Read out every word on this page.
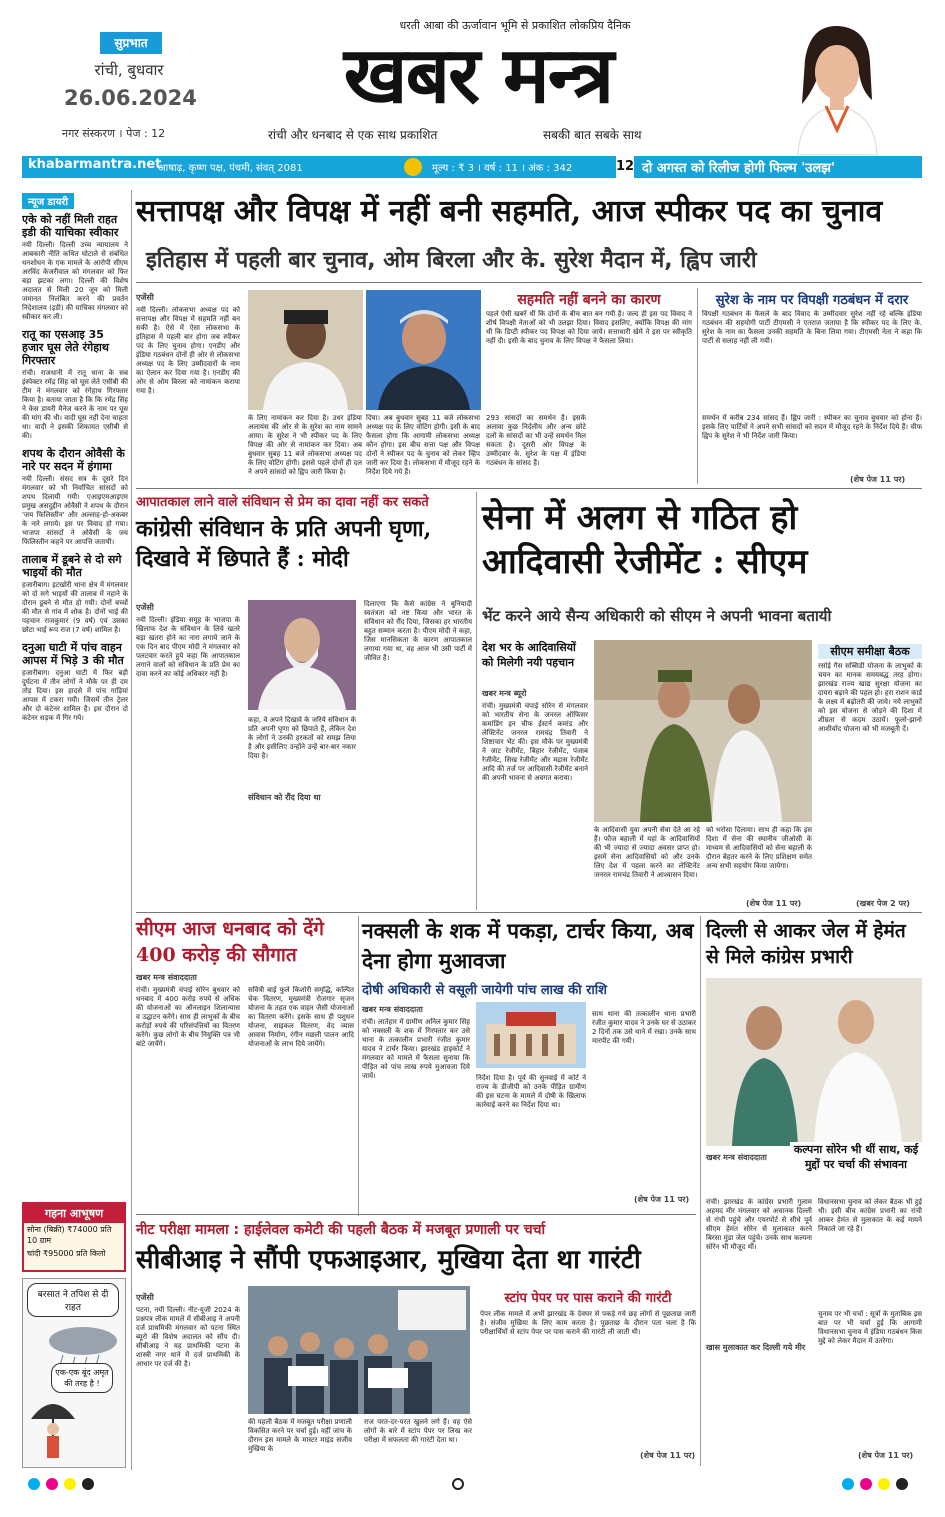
सुप्रभात
रांची, बुधवार
26.06.2024
नगर संस्करण । पेज : 12
धरती आबा की ऊर्जावान भूमि से प्रकाशित लोकप्रिय दैनिक
खबर मन्त्र
रांची और धनबाद से एक साथ प्रकाशित	सबकी बात सबके साथ
khabarmantra.net
आषाढ़, कृष्ण पक्ष, पंचमी, संवत् 2081	मूल्य : ₹ 3 । वर्ष : 11 । अंक : 342	12 दो अगस्त को रिलीज होगी फिल्म 'उलझ'
न्यूज डायरी
एके को नहीं मिली राहत इडी की याचिका स्वीकार

नयी दिल्ली। दिल्ली उच्च न्यायालय ने आबकारी नीति कथित घोटाले से संबंधित धनशोधन के एक मामले के आरोपी सीएम अरविंद केजरीवाल को मंगलवार को फिर बड़ा झटका लगा। दिल्ली की विशेष अदालत से मिली 20 जून को मिली जमानत निलंबित करने की प्रवर्तन निदेशालय (इडी) की याचिका मंगलवार को स्वीकार कर ली।

रातू का एसआइ 35 हजार घूस लेते रंगेहाथ गिरफ्तार

रांची। राजधानी में रातू थाना के सब इंस्पेक्टर रमेंद्र सिंह को घूस लेते एसीबी की टीम ने मंगलवार को रंगेहाथ गिरफ्तार किया है। बताया जाता है कि कि रमेंद्र सिंह ने केस डायरी मैनेज करने के नाम पर घूस की मांग की थी। वादी घूस नहीं देना चाहता था। वादी ने इसकी शिकायत एसीबी से की।

शपथ के दौरान ओवैसी के नारे पर सदन में हंगामा

नयी दिल्ली। संसद सत्र के दूसरे दिन मंगलवार को भी निर्वाचित सांसदों को शपथ दिलायी गयी। एआइएमआइएम प्रमुख असदुद्दीन ओवैसी ने शपथ के दौरान 'जय फिलिस्तीन' और अल्लाह-हो-अकबर के नारे लगाये। इस पर विवाद हो गया। भाजपा सांसदों ने ओवैसी के जय फिलिस्तीन कहने पर आपत्ति जतायी।

तालाब में डूबने से दो सगे भाइयों की मौत

हजारीबाग। इटखोरी थाना क्षेत्र में मंगलवार को दो सगे भाइयों की तालाब में नहाने के दौरान डूबने से मौत हो गयी। दोनों बच्चों की मौत से गांव में शोक है। दोनों भाई की पहचान राजकुमार (9 वर्ष) एवं उसका छोटा भाई रूप राज (7 वर्ष) शामिल है।

दनुआ घाटी में पांच वाहन आपस में भिड़े 3 की मौत

हजारीबाग। दनुआ घाटी में फिर बड़ी दुर्घटना में तीन लोगों ने मौके पर ही दम तोड़ दिया। इस हादसे में पांच गाड़ियां आपस में टकरा गयी। जिसमें तीन ट्रेलर और दो कंटेनर शामिल है। इस दौरान दो कंटेनर सड़क में गिर गये।

गहना आभूषण
सोना (बिक्री) ₹74000 प्रति 10 ग्राम
चांदी ₹95000 प्रति किलो
बरसात ने तपिश से दी राहत
एक-एक बूंद अमृत की तरह है !
सत्तापक्ष और विपक्ष में नहीं बनी सहमति, आज स्पीकर पद का चुनाव
इतिहास में पहली बार चुनाव, ओम बिरला और के. सुरेश मैदान में, ह्विप जारी
एजेंसी
नयी दिल्ली। लोकसभा अध्यक्ष पद को सत्तापक्ष और विपक्ष में सहमति नहीं बन सकी है। ऐसे में ऐसा लोकसभा के इतिहास में पहली बार होगा जब स्पीकर पद के लिए चुनाव होगा। एनडीए और इंडिया गठबंधन दोनों ही ओर से लोकसभा अध्यक्ष पद के लिए उम्मीदवारों के नाम का ऐलान कर दिया गया है। एनडीए की ओर से ओम बिरला को नामांकन कराया गया है।
के लिए नामांकन कर दिया है। उधर इंडिया अलायंस की ओर से के सुरेश का नाम सामने आया। के सुरेश ने भी स्पीकर पद के लिए विपक्ष की ओर से नामांकन कर दिया। अब बुधवार सुबह 11 बजे लोकसभा अध्यक्ष पद के लिए वोटिंग होगी। इससे पहले दोनों ही दल ने अपने सांसदों को ह्विप जारी किया है।
दिया। अब बुधवार सुबह 11 बजे लोकसभा अध्यक्ष पद के लिए वोटिंग होगी। इसी के बाद फैसला होगा कि आगामी लोकसभा अध्यक्ष कौन होगा। इस बीच सत्ता पक्ष और विपक्ष दोनों ने स्पीकर पद के चुनाव को लेकर व्हिप जारी कर दिया है। लोकसभा में मौजूद रहने के निर्देश दिये गये हैं।
सहमति नहीं बनने का कारण
पहले ऐसी खबरें थीं कि दोनों के बीच बात बन गयी है। जल्द ही इस पद विवाद ने शीर्ष विपक्षी नेताओं को भी उलझा दिया। विवाद इसलिए, क्योंकि विपक्ष की मांग थी कि डिप्टी स्पीकर पद विपक्ष को दिया जाये। सत्ताधारी खेमे ने इस पर स्वीकृति नहीं दी। इसी के बाद चुनाव के लिए विपक्ष ने फैसला लिया।
293 सांसदों का समर्थन है। इसके अलावा कुछ निर्दलीय और अन्य छोटे दलों के सांसदों का भी उन्हें समर्थन मिल सकता है। दूसरी ओर विपक्ष के उम्मीदवार के. सुरेश के पक्ष में इंडिया गठबंधन के सांसद हैं।
सुरेश के नाम पर विपक्षी गठबंधन में दरार
विपक्षी गठबंधन के फैसले के बाद विवाद के उम्मीदवार सुरेश नहीं रहे बल्कि इंडिया गठबंधन की सहयोगी पार्टी टीएमसी ने एतराज जताया है कि स्पीकर पद के लिए के. सुरेश के नाम का फैसला उनकी सहमति के बिना लिया गया। टीएमसी नेता ने कहा कि पार्टी से सलाह नहीं ली गयी।
समर्थन में करीब 234 सांसद हैं। ह्विप जारी : स्पीकर का चुनाव बुधवार को होना है। इसके लिए पार्टियों ने अपने सभी सांसदों को सदन में मौजूद रहने के निर्देश दिये हैं। चीफ ह्विप के सुरेश ने भी निर्देश जारी किया।
(शेष पेज 11 पर)
आपातकाल लाने वाले संविधान से प्रेम का दावा नहीं कर सकते
कांग्रेसी संविधान के प्रति अपनी घृणा, दिखावे में छिपाते हैं : मोदी
एजेंसी
नयी दिल्ली। इंडिया समूह के भाजपा के खिलाफ देश के संविधान के लिये खतरे बड़ा खतरा होने का नारा लगाये जाने के एक दिन बाद पीएम मोदी ने मंगलवार को पलटवार करते हुये कहा कि आपातकाल लगाने वालों को संविधान के प्रति प्रेम का दावा करने का कोई अधिकार नहीं है।
कहा, वे अपने दिखावे के जरिये संविधान के प्रति अपनी घृणा को छिपाते हैं, लेकिन देश के लोगों ने उनकी हरकतों को समझ लिया है और इसीलिए उन्होंने उन्हें बार-बार नकार दिया है।
संविधान को रौंद दिया था
दिलाएगा कि कैसे कांग्रेस ने बुनियादी स्वतंत्रता को नष्ट किया और भारत के संविधान को रौंद दिया, जिसका हर भारतीय बहुत सम्मान करता है। पीएम मोदी ने कहा, जिस मानसिकता के कारण आपातकाल लगाया गया था, वह आज भी उसी पार्टी में जीवित है।
सेना में अलग से गठित हो आदिवासी रेजीमेंट : सीएम
भेंट करने आये सैन्य अधिकारी को सीएम ने अपनी भावना बतायी
देश भर के आदिवासियों को मिलेगी नयी पहचान
खबर मन्त्र ब्यूरो
रांची। मुख्यमंत्री चंपाई सोरेन से मंगलवार को भारतीय सेना के जनरल ऑफिसर कमांडिंग इन चीफ ईस्टर्न कमांड और लेफ्टिनेंट जनरल रामचंद्र तिवारी ने शिष्टाचार भेंट की। इस मौके पर मुख्यमंत्री ने जाट रेजीमेंट, बिहार रेजीमेंट, पंजाब रेजीमेंट, सिख रेजीमेंट और मद्रास रेजीमेंट आदि की तर्ज पर आदिवासी रेजीमेंट बनाने की अपनी भावना से अवगत कराया।
के आदिवासी युवा अपनी सेवा देते आ रहे हैं। फौज बहाली में यहां के आदिवासियों की भी ज्यादा से ज्यादा अवसर प्राप्त हो। इसमें सेना आदिवासियों को और उनके लिए देश में पहला करने का लेफ्टिनेंट जनरल रामचंद्र तिवारी ने आश्वासन दिया।
को भरोसा दिलाया। साथ ही कहा कि इस दिशा में सेना की स्थानीय जीओसी के माध्यम से आदिवासियों को सेना बहाली के दौरान बेहतर करने के लिए प्रशिक्षण समेत अन्य सभी सहयोग किया जायेगा।
(शेष पेज 11 पर)
सीएम समीक्षा बैठक
रसोई गैस सब्सिडी योजना के लाभुकों के चयन का मानक समयबद्ध तरह होगा। झारखंड राज्य खाद्य सुरक्षा योजना का दायरा बढ़ाने की पहल हो। हरा राशन कार्ड के लक्ष्य में बढ़ोतरी की जाये। नये लाभुकों को इस योजना से जोड़ने की दिशा में शीघ्रता से कदम उठायें। फूलो-झानो आशीर्वाद योजना को भी मजबूती दें।
(खबर पेज 2 पर)
सीएम आज धनबाद को देंगे 400 करोड़ की सौगात
खबर मन्त्र संवाददाता
रांची। मुख्यमंत्री चंपाई सोरेन बुधवार को धनबाद में 400 करोड़ रुपये से अधिक की योजनाओं का ऑनलाइन शिलान्यास व उद्घाटन करेंगे। साथ ही लाभुकों के बीच करोड़ों रुपये की परिसंपत्तियों का वितरण करेंगे। कुछ लोगों के बीच नियुक्ति पत्र भी बांटे जायेंगे।
सवित्री बाई फुले किशोरी समृद्धि, कल्पित चेक वितरण, मुख्यमंत्री रोजगार सृजन योजना के तहत एक वाहन जैसी योजनाओं का वितरण करेंगे। इसके साथ ही पशुधन योजना, साइकल वितरण, वेद व्यास आवास निर्माण, रंगीन मछली पालन आदि योजनाओं के लाभ दिये जायेंगे।
नक्सली के शक में पकड़ा, टार्चर किया, अब देना होगा मुआवजा
दोषी अधिकारी से वसूली जायेगी पांच लाख की राशि
खबर मन्त्र संवाददाता
रांची। लातेहार में ग्रामीण अनिल कुमार सिंह को नक्सली के शक में गिरफ्तार कर उसे थाना के तत्कालीन प्रभारी रंजीत कुमार यादव ने टार्चर किया। झारखंड हाइकोर्ट ने मंगलवार को मामले में फैसला सुनाया कि पीड़ित को पांच लाख रुपये मुआवजा दिये जायें।	निर्देश दिया है। पूर्व की सुनवाई में कोर्ट ने राज्य के डीजीपी को उनके पीड़ित ग्रामीण की इस घटना के मामले में दोषी के खिलाफ कार्रवाई करने का निर्देश दिया था।
साथ थाना की तत्कालीन थाना प्रभारी रंजीत कुमार यादव ने उनके घर से उठाकर 2 दिनों तक उसे थाने में रखा। उनके साथ मारपीट की गयी।
(शेष पेज 11 पर)
दिल्ली से आकर जेल में हेमंत से मिले कांग्रेस प्रभारी
कल्पना सोरेन भी थीं साथ, कई मुद्दों पर चर्चा की संभावना
खबर मन्त्र संवाददाता
रांची। झारखंड के कांग्रेस प्रभारी गुलाम अहमद मीर मंगलवार को अचानक दिल्ली से रांची पहुंचे और एयरपोर्ट से सीधे पूर्व सीएम हेमंत सोरेन से मुलाकात करने बिरसा मुंडा जेल पहुंचे। उनके साथ कल्पना सोरेन भी मौजूद थीं।
खास मुलाकात कर दिल्ली गये मीर
विधानसभा चुनाव को लेकर बैठक भी हुई थी। इसी बीच कांग्रेस प्रभारी का रांची आकर हेमंत से मुलाकात के कई मायने निकाले जा रहे हैं।
चुनाव पर भी चर्चा : सूत्रों के मुताबिक इस बात पर भी चर्चा हुई कि आगामी विधानसभा चुनाव में इंडिया गठबंधन किस मुद्दे को लेकर मैदान में उतरेगा।
(शेष पेज 11 पर)
नीट परीक्षा मामला : हाईलेवल कमेटी की पहली बैठक में मजबूत प्रणाली पर चर्चा
सीबीआइ ने सौंपी एफआइआर, मुखिया देता था गारंटी
एजेंसी
पटना, नयी दिल्ली। नीट-यूजी 2024 के प्रश्नपत्र लीक मामले में सीबीआइ ने अपनी दर्ज प्राथमिकी मंगलवार को पटना स्थित ब्यूरो की विशेष अदालत को सौंप दी। सीबीआइ ने यह प्राथमिकी पटना के शास्त्री नगर थाने में दर्ज प्राथमिकी के आधार पर दर्ज की है।
की पहली बैठक में मजबूत परीक्षा प्रणाली विकसित करने पर चर्चा हुई। वहीं जांच के दौरान इस मामले के मास्टर माइंड संजीव मुखिया के
राज परत-दर-परत खुलने लगे हैं। वह ऐसे लोगों के बारे में स्टांप पेपर पर लिख कर परीक्षा में सफलता की गारंटी देता था।
स्टांप पेपर पर पास कराने की गारंटी
पेपर लीक मामले में अभी झारखंड के देवघर से पकड़े गये छह लोगों से पूछताछ जारी है। संजीव मुखिया के लिए काम करता है। पूछताछ के दौरान पता चला है कि परीक्षार्थियों से स्टांप पेपर पर पास कराने की गारंटी ली जाती थी।
(शेष पेज 11 पर)
